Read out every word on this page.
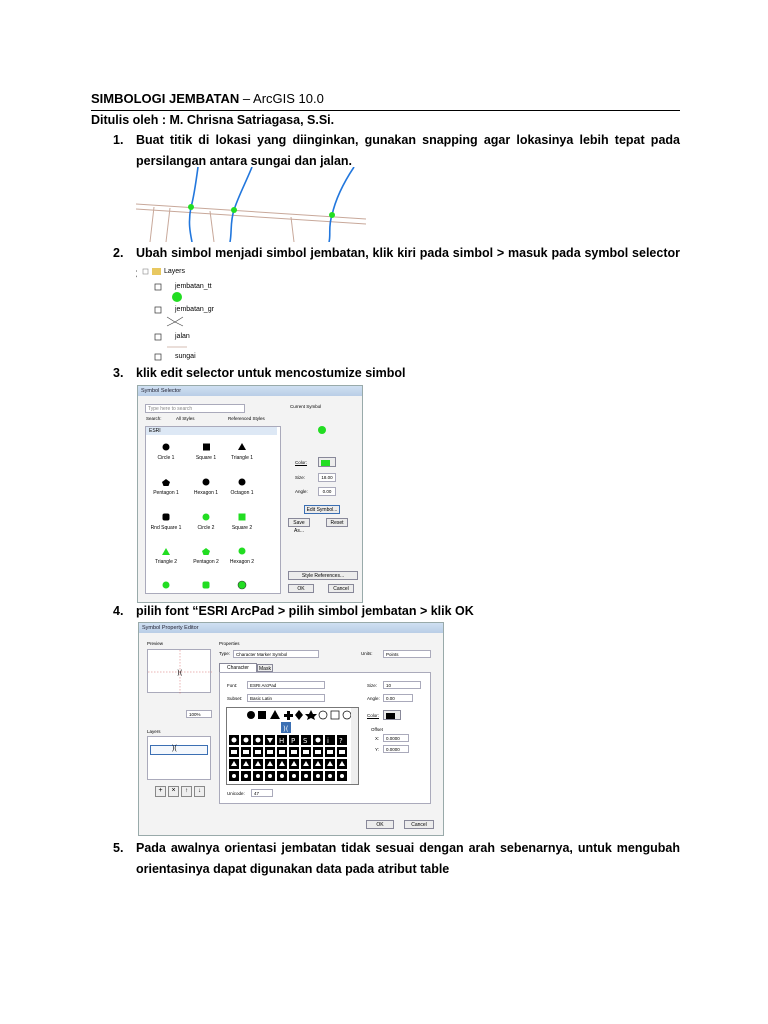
SIMBOLOGI JEMBATAN – ArcGIS 10.0
Ditulis oleh : M. Chrisna Satriagasa, S.Si.
1. Buat titik di lokasi yang diinginkan, gunakan snapping agar lokasinya lebih tepat pada persilangan antara sungai dan jalan.
2. Ubah simbol menjadi simbol jembatan, klik kiri pada simbol > masuk pada symbol selector
Layers
jembatan_tt
jembatan_gr
jalan
sungai
3. klik edit selector untuk mencostumize simbol
Symbol Selector
Type here to search
Search:	All Styles	Referenced Styles
ESRI
Circle 1	Square 1	Triangle 1
Pentagon 1	Hexagon 1	Octagon 1
Rnd Square 1	Circle 2	Square 2
Triangle 2	Pentagon 2	Hexagon 2
Current Symbol
Color:
Size:	18.00
Angle:	0.00
Edit Symbol...
Save As...
Reset
Style References...
OK	Cancel
4. pilih font “ESRI ArcPad > pilih simbol jembatan > klik OK
Symbol Property Editor
Preview
)(
100%
Layers
)(
+	×	↑	↓
Properties
Type:	Character Marker Symbol	Units:	Points
Character	Mask
Font:	ESRI ArcPad
Subset:	Basic Latin
Size:	10
Angle:	0.00
Color:
Offset
X:	0.0000
Y:	0.0000
)(
H P S	i ?
Unicode:	47
OK	Cancel
5. Pada awalnya orientasi jembatan tidak sesuai dengan arah sebenarnya, untuk mengubah orientasinya dapat digunakan data pada atribut table
